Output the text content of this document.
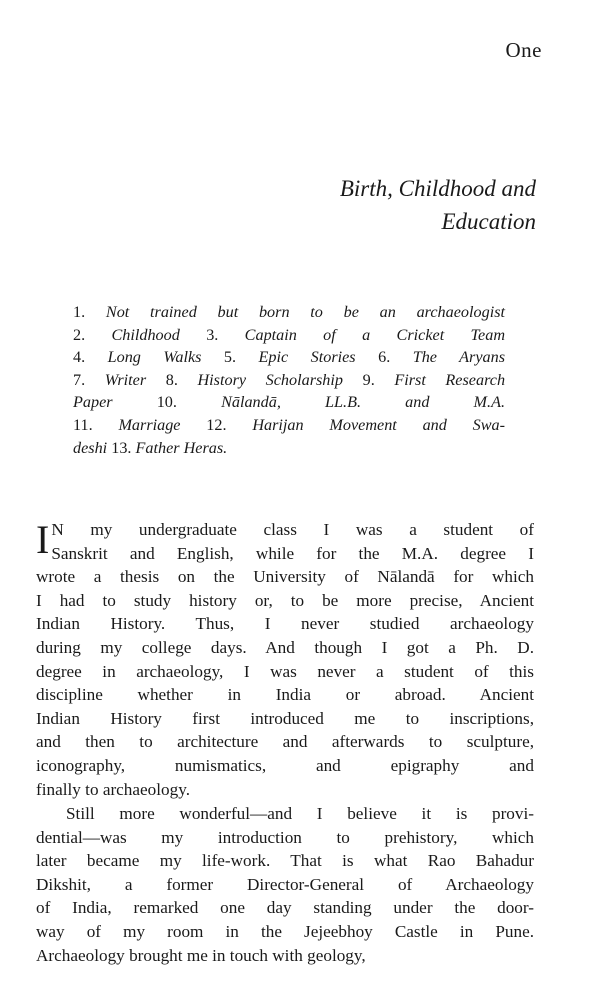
One
Birth, Childhood and
Education
1. Not trained but born to be an archaeologist
2. Childhood 3. Captain of a Cricket Team
4. Long Walks 5. Epic Stories 6. The Aryans
7. Writer 8. History Scholarship 9. First Research
Paper	10.	Nālandā, LL.B. and M.A.
11. Marriage 12. Harijan Movement and Swa-
deshi 13. Father Heras.
I N my undergraduate class I was a student of
Sanskrit and English, while for the M.A. degree I
wrote a thesis on the University of Nālandā for which
I had to study history or, to be more precise, Ancient
Indian History. Thus, I never studied archaeology
during my college days. And though I got a Ph. D.
degree in archaeology, I was never a student of this
discipline whether in India or abroad. Ancient
Indian History first introduced me to inscriptions,
and then to architecture and afterwards to sculpture,
iconography, numismatics, and epigraphy and
finally to archaeology.
Still more wonderful—and I believe it is provi-
dential—was my introduction to prehistory, which
later became my life-work. That is what Rao Bahadur
Dikshit, a former Director-General of Archaeology
of India, remarked one day standing under the door-
way of my room in the Jejeebhoy Castle in Pune.
Archaeology brought me in touch with geology,
